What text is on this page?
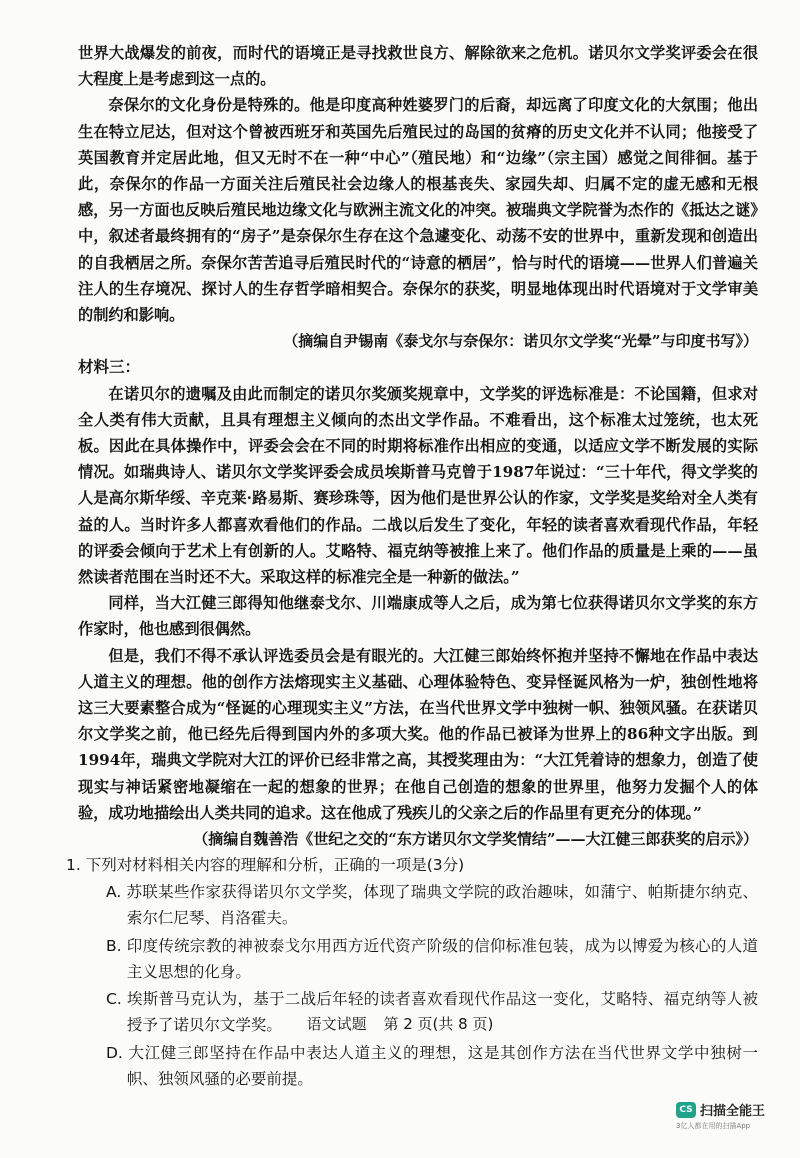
世界大战爆发的前夜，而时代的语境正是寻找救世良方、解除欲来之危机。诺贝尔文学奖评委会在很大程度上是考虑到这一点的。

奈保尔的文化身份是特殊的。他是印度高种姓婆罗门的后裔，却远离了印度文化的大氛围；他出生在特立尼达，但对这个曾被西班牙和英国先后殖民过的岛国的贫瘠的历史文化并不认同；他接受了英国教育并定居此地，但又无时不在一种“中心”（殖民地）和“边缘”（宗主国）感觉之间徘徊。基于此，奈保尔的作品一方面关注后殖民社会边缘人的根基丧失、家园失却、归属不定的虚无感和无根感，另一方面也反映后殖民地边缘文化与欧洲主流文化的冲突。被瑞典文学院誉为杰作的《抵达之谜》中，叙述者最终拥有的“房子”是奈保尔生存在这个急遽变化、动荡不安的世界中，重新发现和创造出的自我栖居之所。奈保尔苦苦追寻后殖民时代的“诗意的栖居”，恰与时代的语境——世界人们普遍关注人的生存境况、探讨人的生存哲学暗相契合。奈保尔的获奖，明显地体现出时代语境对于文学审美的制约和影响。

（摘编自尹锡南《泰戈尔与奈保尔：诺贝尔文学奖“光晕”与印度书写》）

材料三：

在诺贝尔的遗嘱及由此而制定的诺贝尔奖颁奖规章中，文学奖的评选标准是：不论国籍，但求对全人类有伟大贡献，且具有理想主义倾向的杰出文学作品。不难看出，这个标准太过笼统，也太死板。因此在具体操作中，评委会会在不同的时期将标准作出相应的变通，以适应文学不断发展的实际情况。如瑞典诗人、诺贝尔文学奖评委会成员埃斯普马克曾于1987年说过：“三十年代，得文学奖的人是高尔斯华绥、辛克莱·路易斯、赛珍珠等，因为他们是世界公认的作家，文学奖是奖给对全人类有益的人。当时许多人都喜欢看他们的作品。二战以后发生了变化，年轻的读者喜欢看现代作品，年轻的评委会倾向于艺术上有创新的人。艾略特、福克纳等被推上来了。他们作品的质量是上乘的——虽然读者范围在当时还不大。采取这样的标准完全是一种新的做法。”

同样，当大江健三郎得知他继泰戈尔、川端康成等人之后，成为第七位获得诺贝尔文学奖的东方作家时，他也感到很偶然。

但是，我们不得不承认评选委员会是有眼光的。大江健三郎始终怀抱并坚持不懈地在作品中表达人道主义的理想。他的创作方法熔现实主义基础、心理体验特色、变异怪诞风格为一炉，独创性地将这三大要素整合成为“怪诞的心理现实主义”方法，在当代世界文学中独树一帜、独领风骚。在获诺贝尔文学奖之前，他已经先后得到国内外的多项大奖。他的作品已被译为世界上的86种文字出版。到1994年，瑞典文学院对大江的评价已经非常之高，其授奖理由为：“大江凭着诗的想象力，创造了使现实与神话紧密地凝缩在一起的想象的世界；在他自己创造的想象的世界里，他努力发掘个人的体验，成功地描绘出人类共同的追求。这在他成了残疾儿的父亲之后的作品里有更充分的体现。”

（摘编自魏善浩《世纪之交的“东方诺贝尔文学奖情结”——大江健三郎获奖的启示》）

1. 下列对材料相关内容的理解和分析，正确的一项是(3分)

A. 苏联某些作家获得诺贝尔文学奖，体现了瑞典文学院的政治趣味，如蒲宁、帕斯捷尔纳克、索尔仁尼琴、肖洛霍夫。

B. 印度传统宗教的神被泰戈尔用西方近代资产阶级的信仰标准包装，成为以博爱为核心的人道主义思想的化身。

C. 埃斯普马克认为，基于二战后年轻的读者喜欢看现代作品这一变化，艾略特、福克纳等人被授予了诺贝尔文学奖。

D. 大江健三郎坚持在作品中表达人道主义的理想，这是其创作方法在当代世界文学中独树一帜、独领风骚的必要前提。

语文试题 第 2 页(共 8 页)
CS 扫描全能王
3亿人都在用的扫描App
